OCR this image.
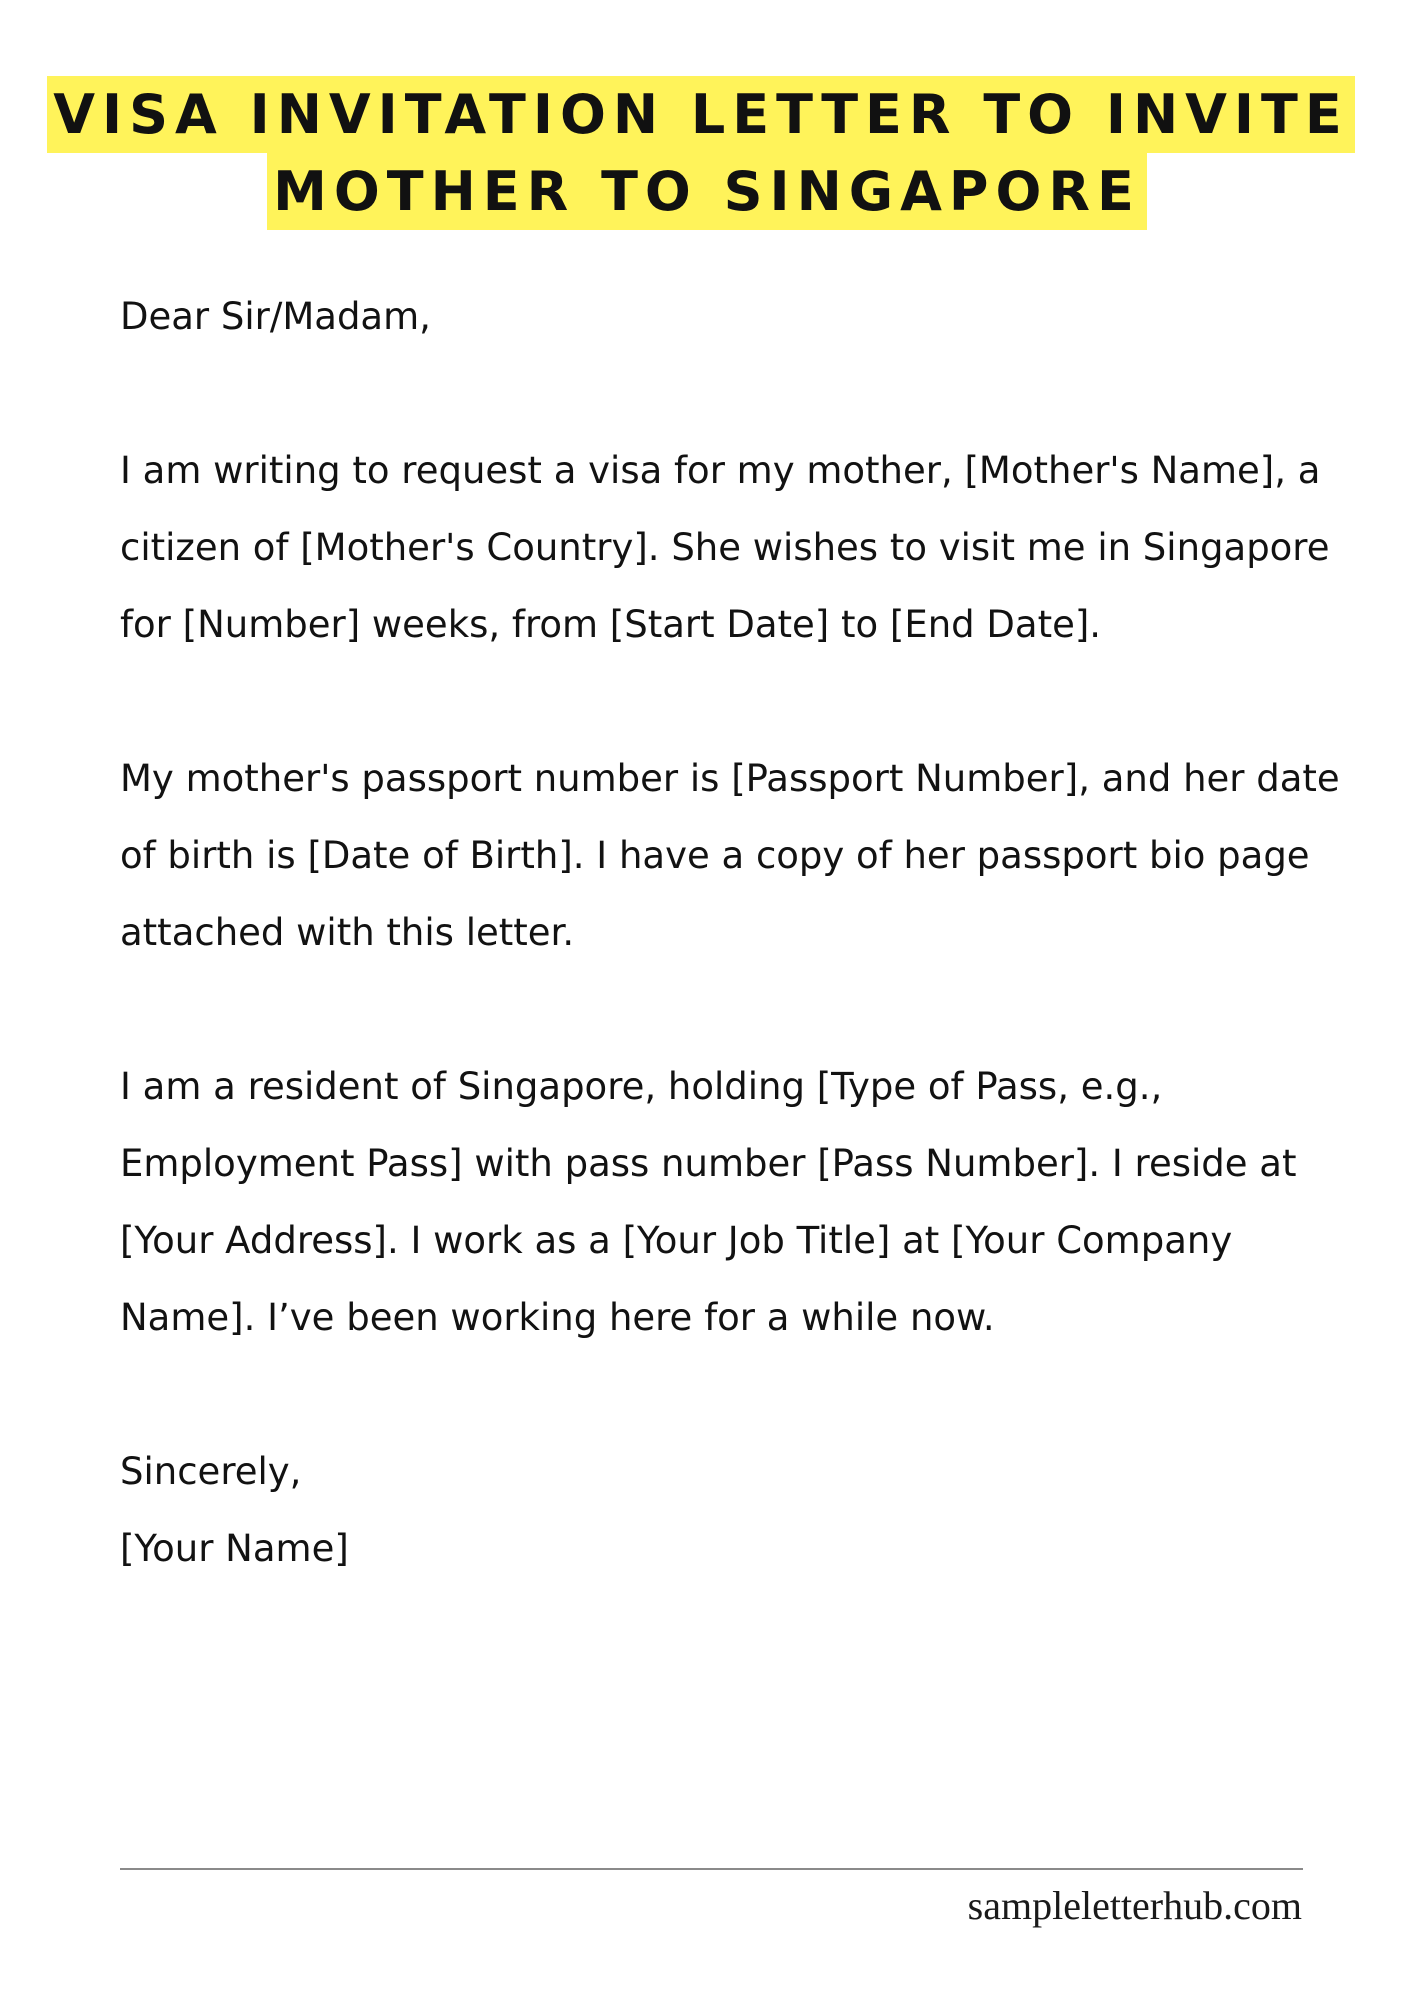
VISA INVITATION LETTER TO INVITE
MOTHER TO SINGAPORE

Dear Sir/Madam,

I am writing to request a visa for my mother, [Mother's Name], a citizen of [Mother's Country]. She wishes to visit me in Singapore for [Number] weeks, from [Start Date] to [End Date].

My mother's passport number is [Passport Number], and her date of birth is [Date of Birth]. I have a copy of her passport bio page attached with this letter.

I am a resident of Singapore, holding [Type of Pass, e.g., Employment Pass] with pass number [Pass Number]. I reside at [Your Address]. I work as a [Your Job Title] at [Your Company Name]. I’ve been working here for a while now.

Sincerely,

[Your Name]

sampleletterhub.com
